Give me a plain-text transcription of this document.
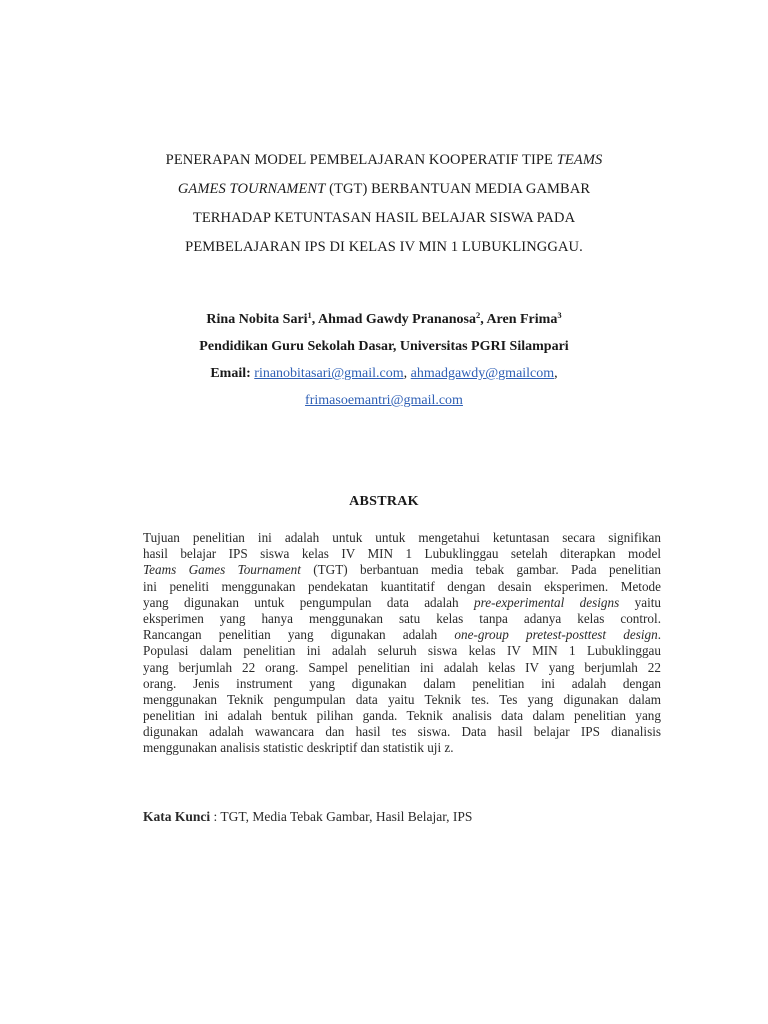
PENERAPAN MODEL PEMBELAJARAN KOOPERATIF TIPE TEAMS
GAMES TOURNAMENT (TGT) BERBANTUAN MEDIA GAMBAR
TERHADAP KETUNTASAN HASIL BELAJAR SISWA PADA
PEMBELAJARAN IPS DI KELAS IV MIN 1 LUBUKLINGGAU.
Rina Nobita Sari$^1$, Ahmad Gawdy Prananosa$^2$, Aren Frima$^3$
Pendidikan Guru Sekolah Dasar, Universitas PGRI Silampari
Email: rinanobitasari@gmail.com, ahmadgawdy@gmailcom,
frimasoemantri@gmail.com
ABSTRAK
Tujuan penelitian ini adalah untuk untuk mengetahui ketuntasan secara signifikan
hasil belajar IPS siswa kelas IV MIN 1 Lubuklinggau setelah diterapkan model
Teams Games Tournament (TGT) berbantuan media tebak gambar. Pada penelitian
ini peneliti menggunakan pendekatan kuantitatif dengan desain eksperimen. Metode
yang digunakan untuk pengumpulan data adalah pre-experimental designs yaitu
eksperimen yang hanya menggunakan satu kelas tanpa adanya kelas control.
Rancangan penelitian yang digunakan adalah one-group pretest-posttest design.
Populasi dalam penelitian ini adalah seluruh siswa kelas IV MIN 1 Lubuklinggau
yang berjumlah 22 orang. Sampel penelitian ini adalah kelas IV yang berjumlah 22
orang. Jenis instrument yang digunakan dalam penelitian ini adalah dengan
menggunakan Teknik pengumpulan data yaitu Teknik tes. Tes yang digunakan dalam
penelitian ini adalah bentuk pilihan ganda. Teknik analisis data dalam penelitian yang
digunakan adalah wawancara dan hasil tes siswa. Data hasil belajar IPS dianalisis
menggunakan analisis statistic deskriptif dan statistik uji z.
Kata Kunci : TGT, Media Tebak Gambar, Hasil Belajar, IPS
